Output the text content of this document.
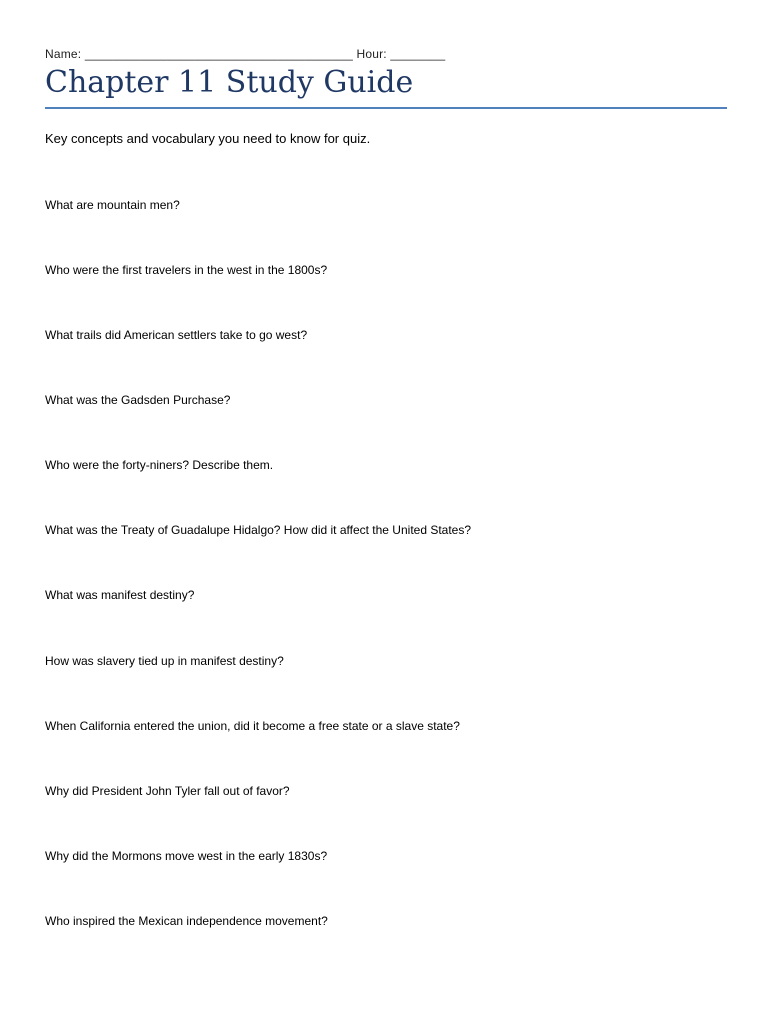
Name: _______________________________________ Hour: ________
Chapter 11 Study Guide
Key concepts and vocabulary you need to know for quiz.
What are mountain men?
Who were the first travelers in the west in the 1800s?
What trails did American settlers take to go west?
What was the Gadsden Purchase?
Who were the forty-niners? Describe them.
What was the Treaty of Guadalupe Hidalgo? How did it affect the United States?
What was manifest destiny?
How was slavery tied up in manifest destiny?
When California entered the union, did it become a free state or a slave state?
Why did President John Tyler fall out of favor?
Why did the Mormons move west in the early 1830s?
Who inspired the Mexican independence movement?
